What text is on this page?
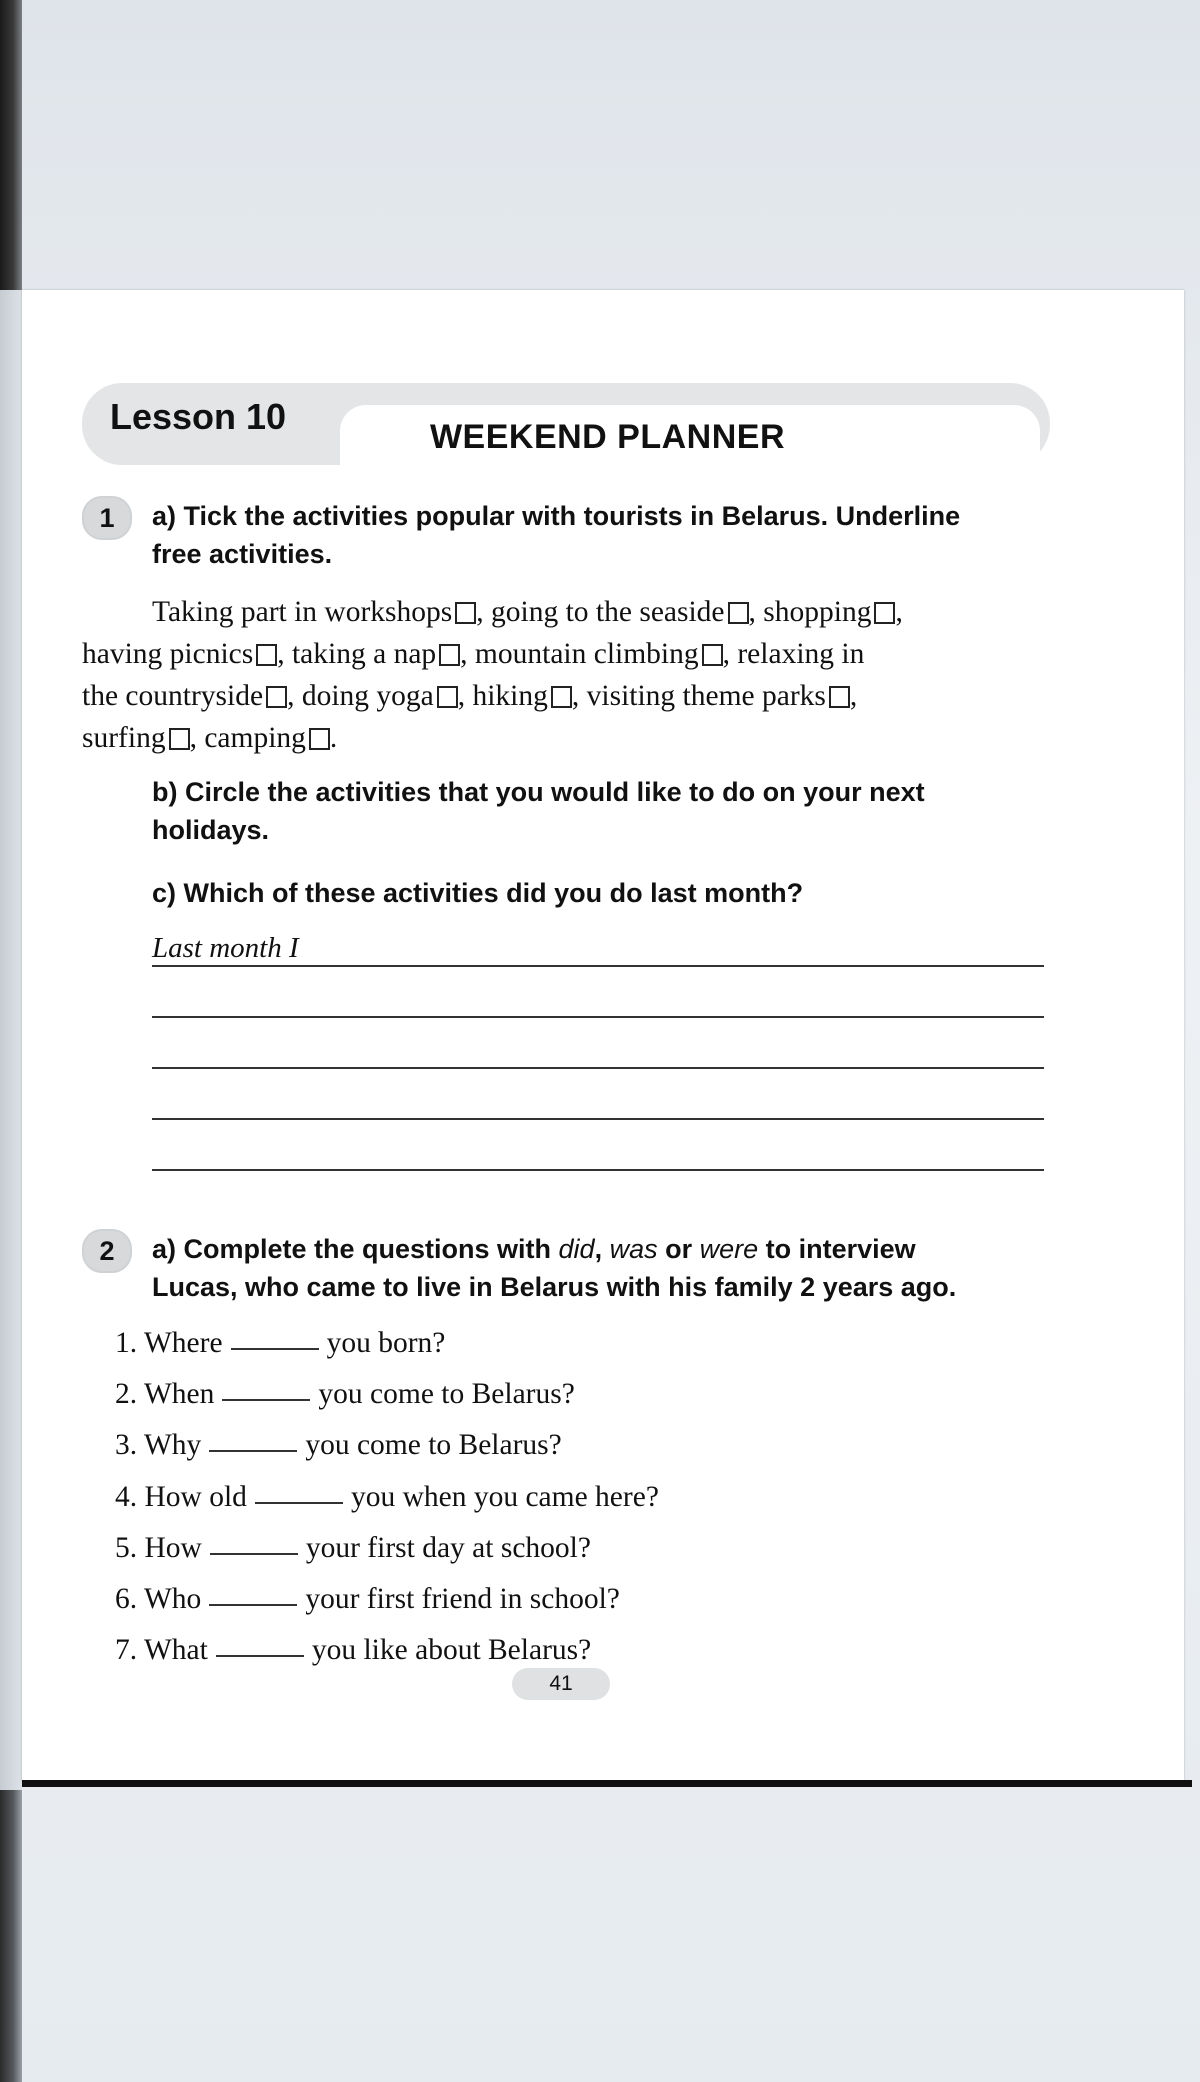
Lesson 10	WEEKEND PLANNER
1	a) Tick the activities popular with tourists in Belarus. Underline
free activities.
Taking part in workshops , going to the seaside , shopping ,
having picnics , taking a nap , mountain climbing , relaxing in
the countryside , doing yoga , hiking , visiting theme parks ,
surfing , camping .
b) Circle the activities that you would like to do on your next
holidays.
c) Which of these activities did you do last month?
Last month I
2	a) Complete the questions with did, was or were to interview
Lucas, who came to live in Belarus with his family 2 years ago.
1. Where	you born?
2. When	you come to Belarus?
3. Why	you come to Belarus?
4. How old	you when you came here?
5. How	your first day at school?
6. Who	your first friend in school?
7. What	you like about Belarus?
41
